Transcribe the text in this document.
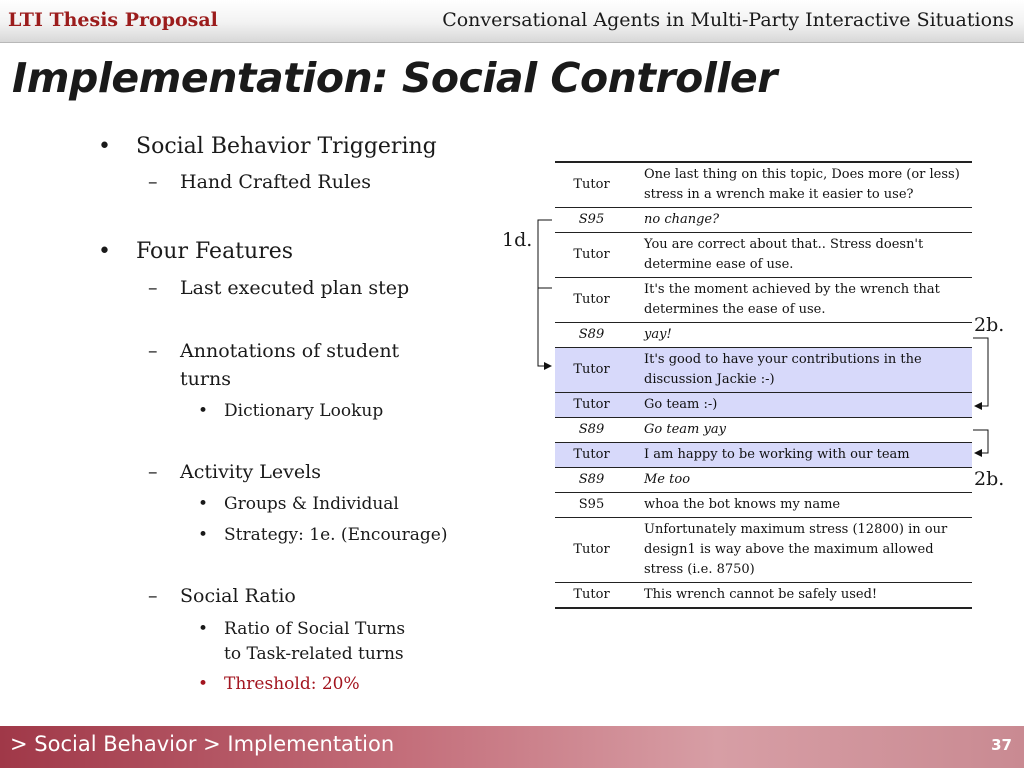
LTI Thesis Proposal	Conversational Agents in Multi-Party Interactive Situations
Implementation: Social Controller
• Social Behavior Triggering
– Hand Crafted Rules
• Four Features
– Last executed plan step
– Annotations of student
turns
• Dictionary Lookup
– Activity Levels
• Groups & Individual
• Strategy: 1e. (Encourage)
– Social Ratio
• Ratio of Social Turns
to Task-related turns
• Threshold: 20%
Tutor	One last thing on this topic, Does more (or less) stress in a wrench make it easier to use?
S95	no change?
Tutor	You are correct about that.. Stress doesn't determine ease of use.
Tutor	It's the moment achieved by the wrench that determines the ease of use.
S89	yay!
Tutor	It's good to have your contributions in the discussion Jackie :-)
Tutor	Go team :-)
S89	Go team yay
Tutor	I am happy to be working with our team
S89	Me too
S95	whoa the bot knows my name
Tutor	Unfortunately maximum stress (12800) in our design1 is way above the maximum allowed stress (i.e. 8750)
Tutor	This wrench cannot be safely used!
1d.
2b.
2b.
> Social Behavior > Implementation	37
